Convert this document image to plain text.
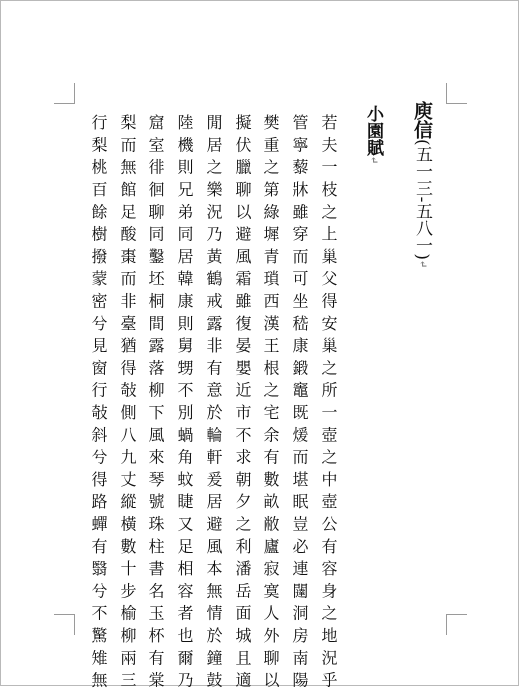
庾信(五一三-五八一)↵
小園賦↵
若夫一枝之上巢父得安巢之所一壺之中壺公有容身之地況乎
管寧藜牀雖穿而可坐嵇康鍛竈既煖而堪眠豈必連闥洞房南陽
樊重之第綠墀青瑣西漢王根之宅余有數畝敝廬寂寞人外聊以
擬伏臘聊以避風霜雖復晏嬰近市不求朝夕之利潘岳面城且適
閒居之樂況乃黃鶴戒露非有意於輪軒爰居避風本無情於鐘鼓
陸機則兄弟同居韓康則舅甥不別蝸角蚊睫又足相容者也爾乃
窟室徘徊聊同鑿坯桐間露落柳下風來琴號珠柱書名玉杯有棠
梨而無館足酸棗而非臺猶得敧側八九丈縱橫數十步榆柳兩三
行梨桃百餘樹撥蒙密兮見窗行敧斜兮得路蟬有翳兮不驚雉無
